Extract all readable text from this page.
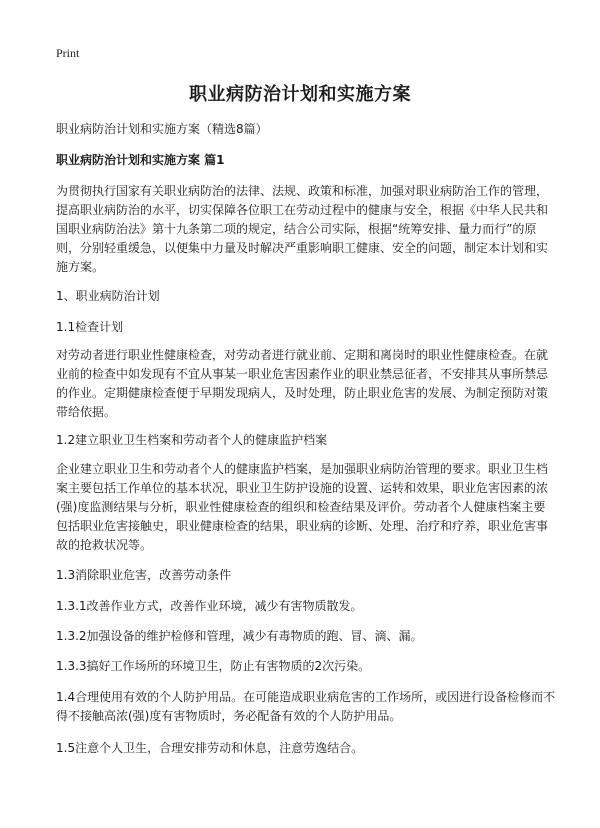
Print
职业病防治计划和实施方案

职业病防治计划和实施方案（精选8篇）

职业病防治计划和实施方案 篇1

为贯彻执行国家有关职业病防治的法律、法规、政策和标准，加强对职业病防治工作的管理，提高职业病防治的水平，切实保障各位职工在劳动过程中的健康与安全，根据《中华人民共和国职业病防治法》第十九条第二项的规定，结合公司实际，根据“统筹安排、量力而行”的原则，分别轻重缓急，以便集中力量及时解决严重影响职工健康、安全的问题，制定本计划和实施方案。

1、职业病防治计划

1.1检查计划

对劳动者进行职业性健康检查，对劳动者进行就业前、定期和离岗时的职业性健康检查。在就业前的检查中如发现有不宜从事某一职业危害因素作业的职业禁忌征者，不安排其从事所禁忌的作业。定期健康检查便于早期发现病人，及时处理，防止职业危害的发展、为制定预防对策带给依据。

1.2建立职业卫生档案和劳动者个人的健康监护档案

企业建立职业卫生和劳动者个人的健康监护档案，是加强职业病防治管理的要求。职业卫生档案主要包括工作单位的基本状况，职业卫生防护设施的设置、运转和效果，职业危害因素的浓(强)度监测结果与分析，职业性健康检查的组织和检查结果及评价。劳动者个人健康档案主要包括职业危害接触史，职业健康检查的结果，职业病的诊断、处理、治疗和疗养，职业危害事故的抢救状况等。

1.3消除职业危害，改善劳动条件

1.3.1改善作业方式，改善作业环境，减少有害物质散发。

1.3.2加强设备的维护检修和管理，减少有毒物质的跑、冒、滴、漏。

1.3.3搞好工作场所的环境卫生，防止有害物质的2次污染。

1.4合理使用有效的个人防护用品。在可能造成职业病危害的工作场所，或因进行设备检修而不得不接触高浓(强)度有害物质时，务必配备有效的个人防护用品。

1.5注意个人卫生，合理安排劳动和休息，注意劳逸结合。
